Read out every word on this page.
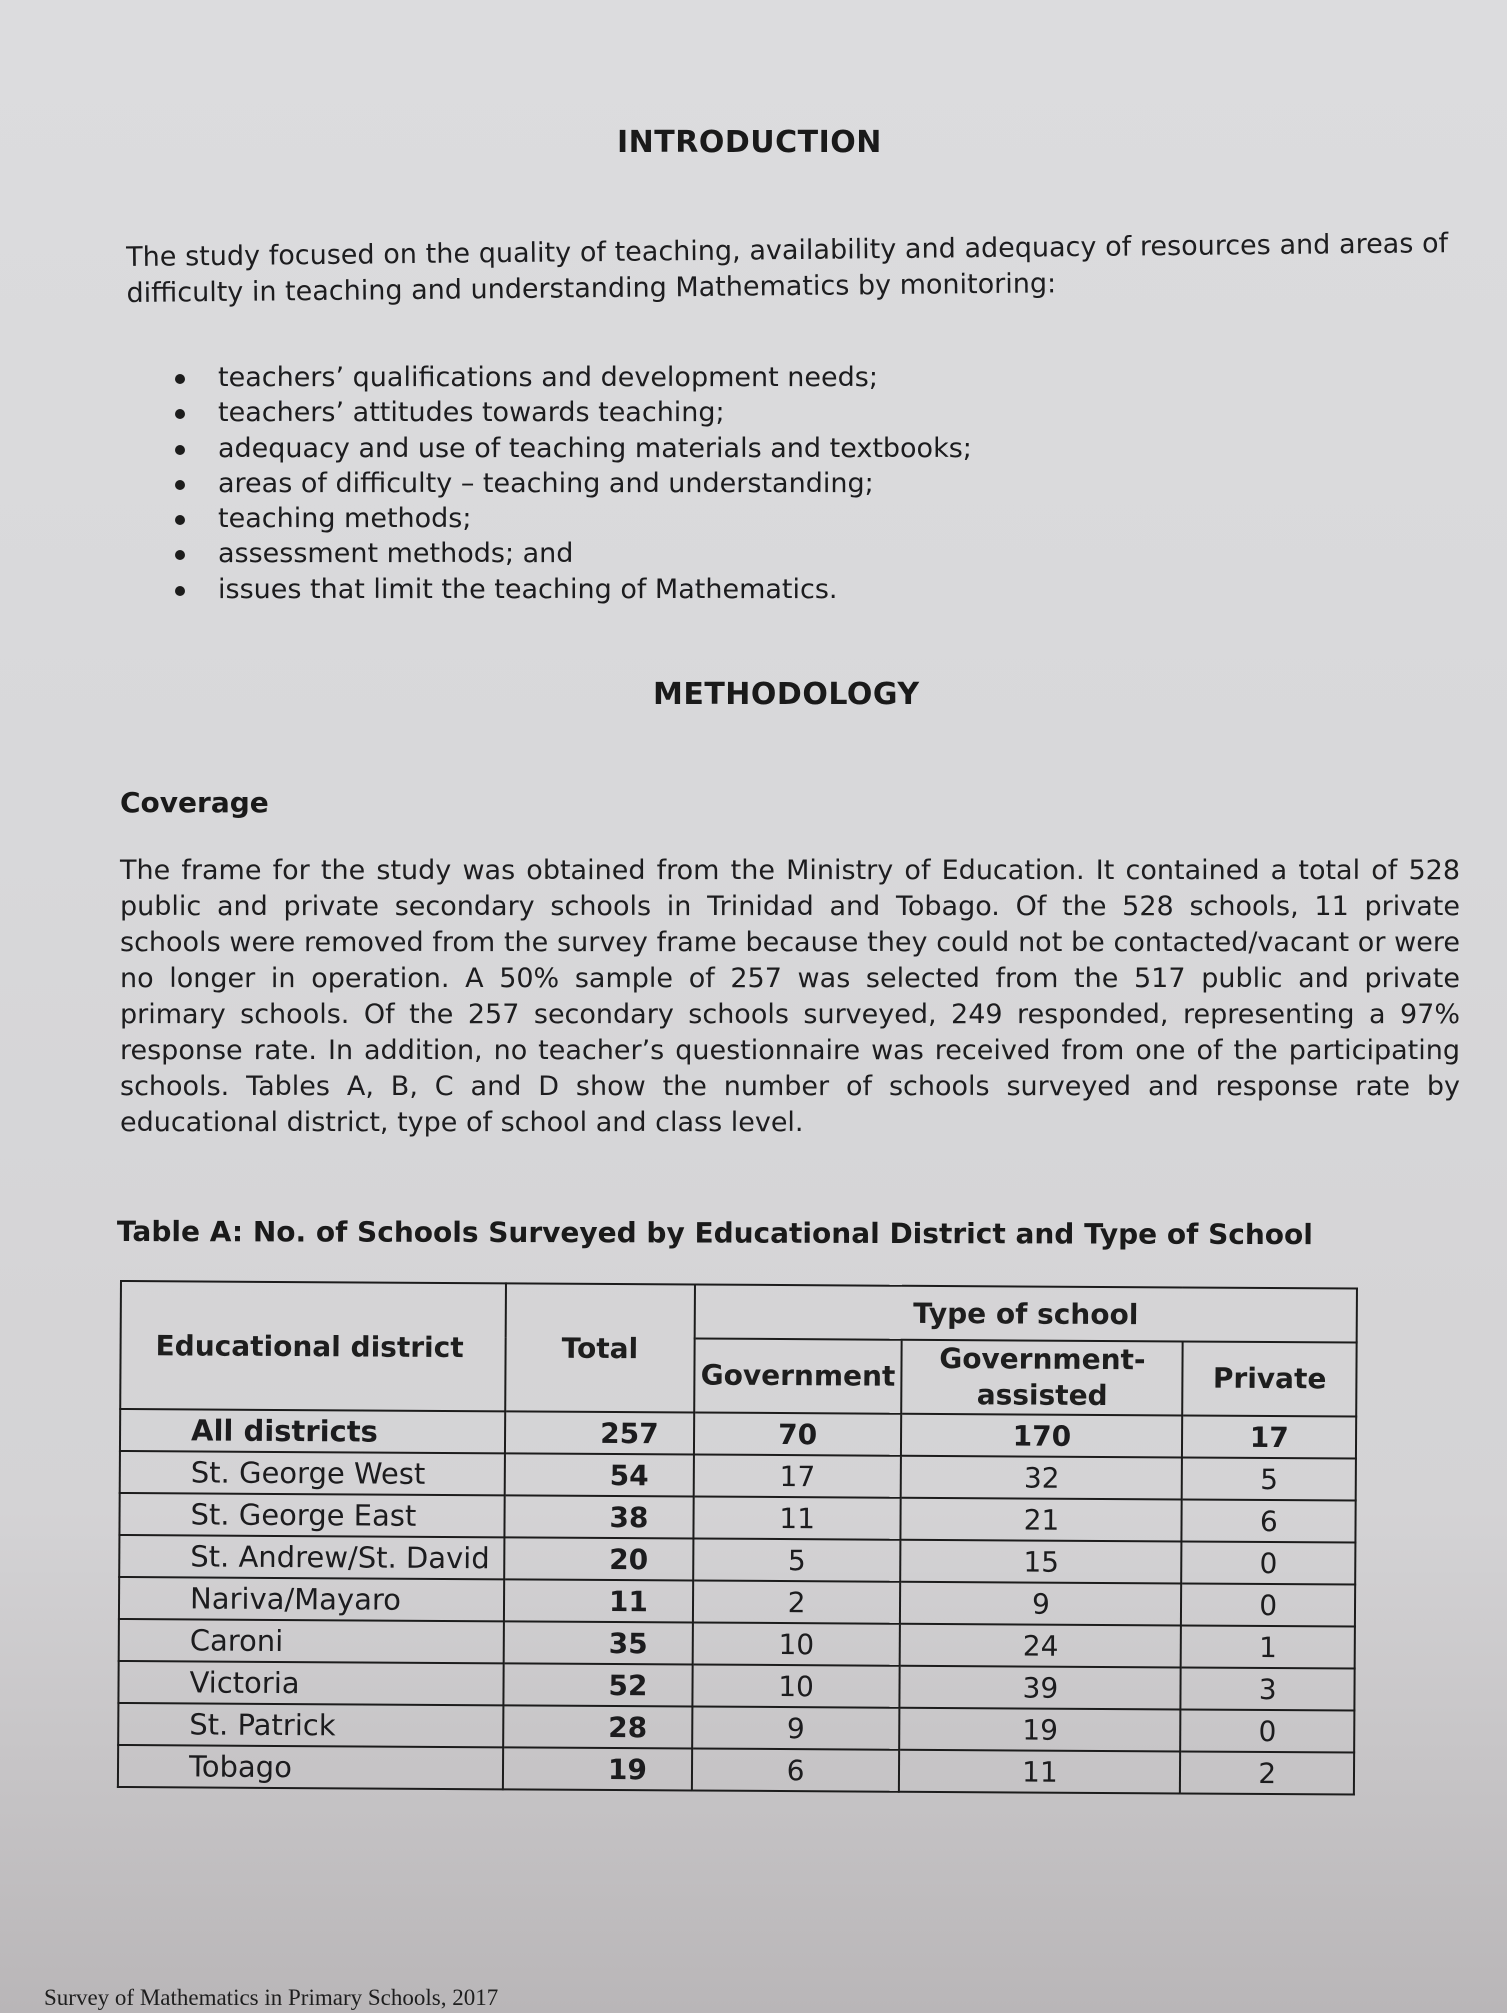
INTRODUCTION
The study focused on the quality of teaching, availability and adequacy of resources and areas of difficulty in teaching and understanding Mathematics by monitoring:
teachers’ qualifications and development needs;
teachers’ attitudes towards teaching;
adequacy and use of teaching materials and textbooks;
areas of difficulty – teaching and understanding;
teaching methods;
assessment methods; and
issues that limit the teaching of Mathematics.
METHODOLOGY
Coverage
The frame for the study was obtained from the Ministry of Education. It contained a total of 528 public and private secondary schools in Trinidad and Tobago. Of the 528 schools, 11 private schools were removed from the survey frame because they could not be contacted/vacant or were no longer in operation. A 50% sample of 257 was selected from the 517 public and private primary schools. Of the 257 secondary schools surveyed, 249 responded, representing a 97% response rate. In addition, no teacher’s questionnaire was received from one of the participating schools. Tables A, B, C and D show the number of schools surveyed and response rate by educational district, type of school and class level.
Table A: No. of Schools Surveyed by Educational District and Type of School
Educational district	Total	Type of school		
		Government	Government-assisted	Private
All districts	257	70	170	17
St. George West	54	17	32	5
St. George East	38	11	21	6
St. Andrew/St. David	20	5	15	0
Nariva/Mayaro	11	2	9	0
Caroni	35	10	24	1
Victoria	52	10	39	3
St. Patrick	28	9	19	0
Tobago	19	6	11	2
Survey of Mathematics in Primary Schools, 2017
